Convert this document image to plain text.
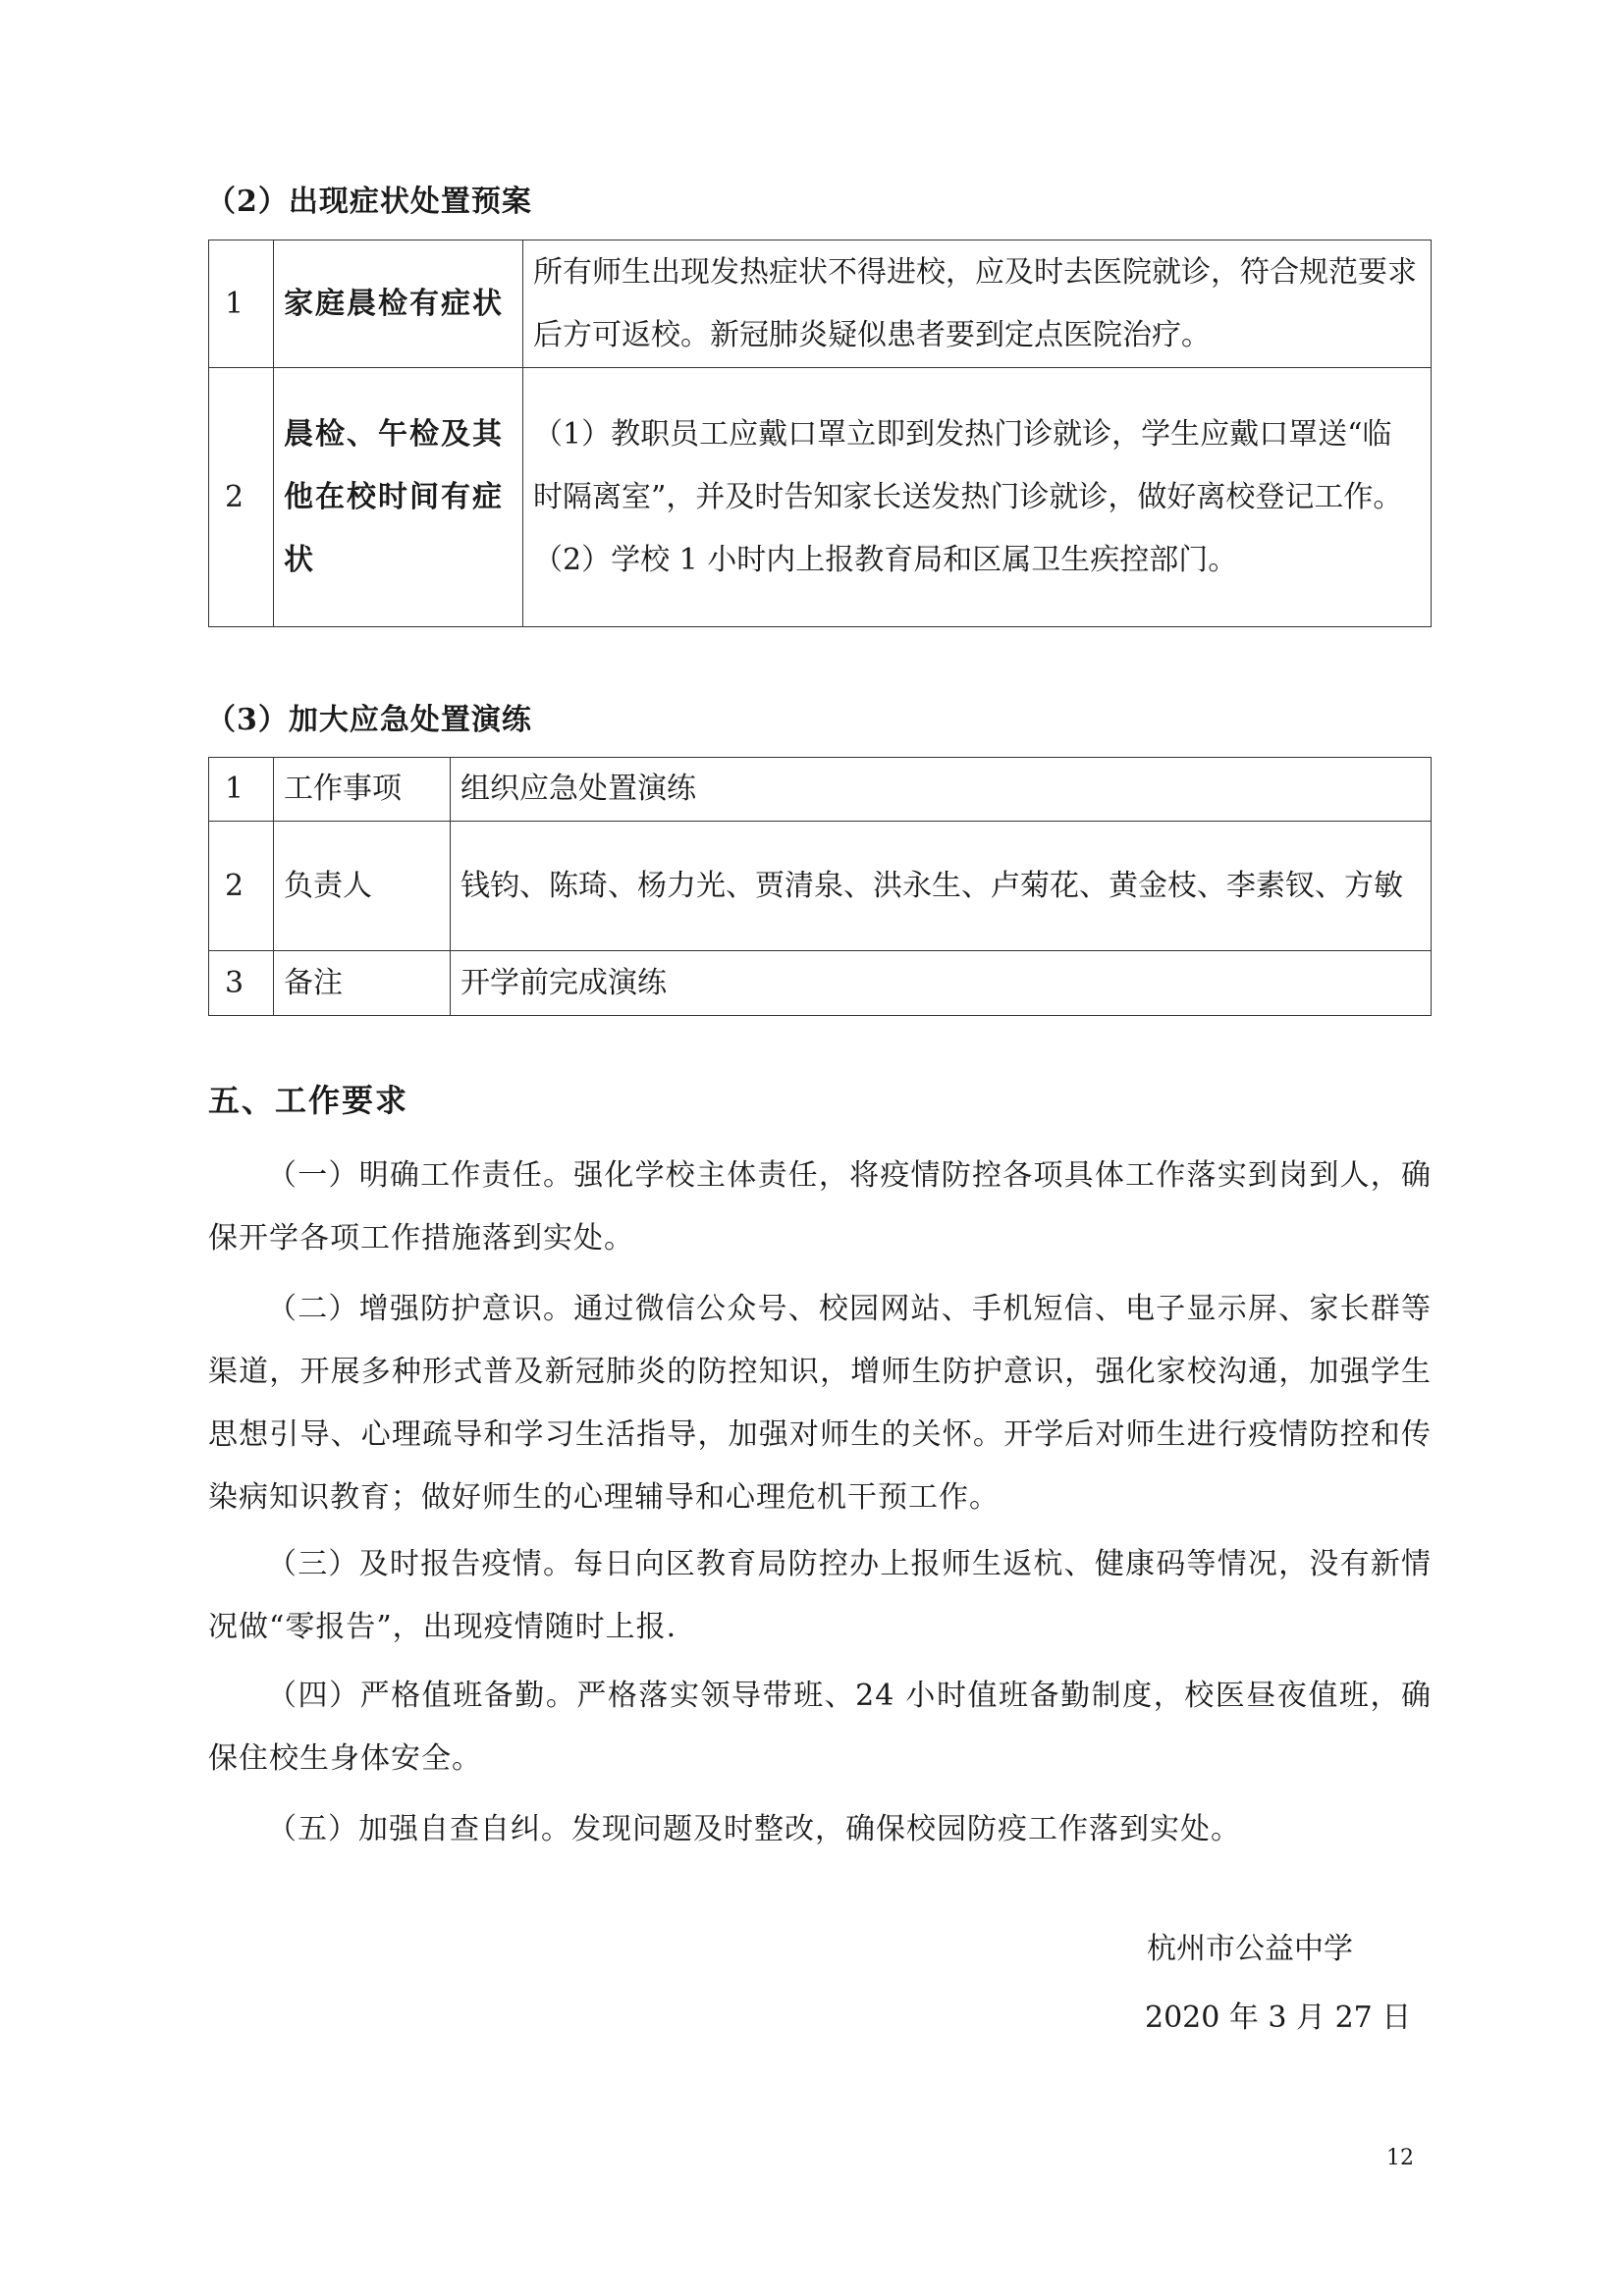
（2）出现症状处置预案
1	家庭晨检有症状	所有师生出现发热症状不得进校，应及时去医院就诊，符合规范要求后方可返校。新冠肺炎疑似患者要到定点医院治疗。

2	晨检、午检及其他在校时间有症状	（1）教职员工应戴口罩立即到发热门诊就诊，学生应戴口罩送“临时隔离室”，并及时告知家长送发热门诊就诊，做好离校登记工作。

（2）学校 1 小时内上报教育局和区属卫生疾控部门。

（3）加大应急处置演练
1	工作事项	组织应急处置演练
2	负责人	钱钧、陈琦、杨力光、贾清泉、洪永生、卢菊花、黄金枝、李素钗、方敏
3	备注	开学前完成演练
五、工作要求

（一）明确工作责任。强化学校主体责任，将疫情防控各项具体工作落实到岗到人，确保开学各项工作措施落到实处。

（二）增强防护意识。通过微信公众号、校园网站、手机短信、电子显示屏、家长群等渠道，开展多种形式普及新冠肺炎的防控知识，增师生防护意识，强化家校沟通，加强学生思想引导、心理疏导和学习生活指导，加强对师生的关怀。开学后对师生进行疫情防控和传染病知识教育；做好师生的心理辅导和心理危机干预工作。

（三）及时报告疫情。每日向区教育局防控办上报师生返杭、健康码等情况，没有新情况做“零报告”，出现疫情随时上报.

（四）严格值班备勤。严格落实领导带班、24 小时值班备勤制度，校医昼夜值班，确保住校生身体安全。

（五）加强自查自纠。发现问题及时整改，确保校园防疫工作落到实处。

杭州市公益中学
2020 年 3 月 27 日
12
